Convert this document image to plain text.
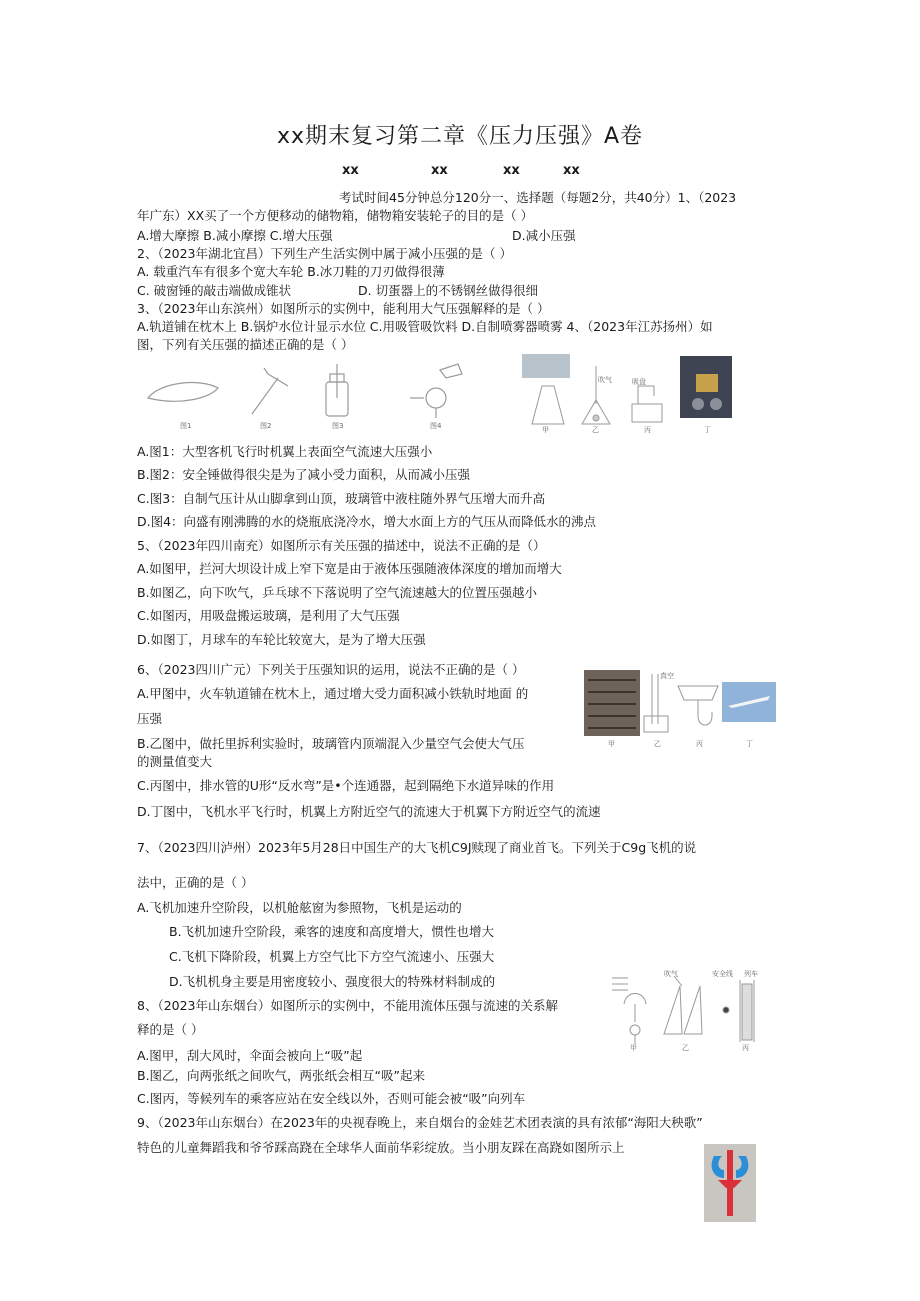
xx期末复习第二章《压力压强》A卷
xx	xx	xx	xx
考试时间45分钟总分120分一、选择题（每题2分，共40分）1、（2023
年广东）XX买了一个方便移动的储物箱，储物箱安装轮子的目的是（ ）
A.增大摩擦 B.减小摩擦 C.增大压强	D.减小压强
2、（2023年湖北宜昌）下列生产生活实例中属于减小压强的是（ ）
A. 载重汽车有很多个宽大车轮 B.冰刀鞋的刀刃做得很薄
C. 破窗锤的敲击端做成锥状	D. 切蛋器上的不锈钢丝做得很细
3、（2023年山东滨州）如图所示的实例中，能利用大气压强解释的是（ ）
A.轨道铺在枕木上 B.锅炉水位计显示水位 C.用吸管吸饮料 D.自制喷雾器喷雾 4、（2023年江苏扬州）如
图，下列有关压强的描述正确的是（ ）
图1	图2	图3	图4
吹气	吸盘
甲	乙	丙	丁
A.图1：大型客机飞行时机翼上表面空气流速大压强小
B.图2：安全锤做得很尖是为了减小受力面积，从而减小压强
C.图3：自制气压计从山脚拿到山顶，玻璃管中液柱随外界气压增大而升高
D.图4：向盛有刚沸腾的水的烧瓶底浇冷水，增大水面上方的气压从而降低水的沸点
5、（2023年四川南充）如图所示有关压强的描述中，说法不正确的是（）
A.如图甲，拦河大坝设计成上窄下宽是由于液体压强随液体深度的增加而增大
B.如图乙，向下吹气，乒乓球不下落说明了空气流速越大的位置压强越小
C.如图丙，用吸盘搬运玻璃，是利用了大气压强
D.如图丁，月球车的车轮比较宽大，是为了增大压强
6、（2023四川广元）下列关于压强知识的运用，说法不正确的是（ ）
A.甲图中，火车轨道铺在枕木上，通过增大受力面积减小铁轨时地面 的
压强
B.乙图中，做托里拆利实验时，玻璃管内顶端混入少量空气会使大气压
的测量值变大
真空
甲	乙	丙	丁
C.丙图中，排水管的U形“反水弯”是•个连通器，起到隔绝下水道异味的作用
D.丁图中，飞机水平飞行时，机翼上方附近空气的流速大于机翼下方附近空气的流速
7、（2023四川泸州）2023年5月28日中国生产的大飞机C9J赎现了商业首飞。下列关于C9g飞机的说
法中，正确的是（ ）
A.飞机加速升空阶段，以机舱舷窗为参照物，飞机是运动的
B.飞机加速升空阶段，乘客的速度和高度增大，惯性也增大
C.飞机下降阶段，机翼上方空气比下方空气流速小、压强大
D.飞机机身主要是用密度较小、强度很大的特殊材料制成的	吹气	安全线 列车
甲	乙	丙
8、（2023年山东烟台）如图所示的实例中，不能用流体压强与流速的关系解
释的是（ ）
A.图甲，刮大风时，伞面会被向上“吸”起
B.图乙，向两张纸之间吹气，两张纸会相互“吸”起来
C.图丙，等候列车的乘客应站在安全线以外，否则可能会被“吸”向列车
9、（2023年山东烟台）在2023年的央视春晚上，来自烟台的金娃艺术团表演的具有浓郁“海阳大秧歌”
特色的儿童舞蹈我和爷爷踩高跷在全球华人面前华彩绽放。当小朋友踩在高跷如图所示上
